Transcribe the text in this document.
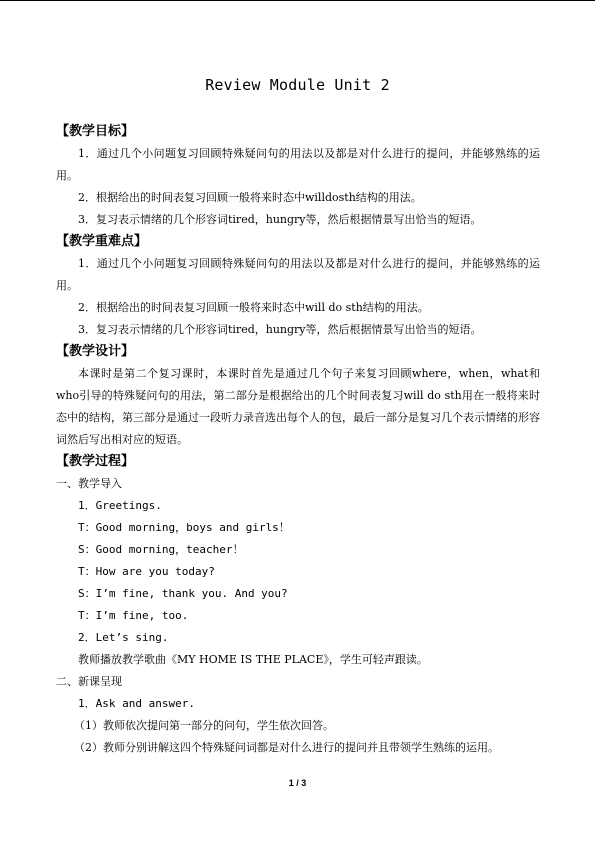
Review Module Unit 2
【教学目标】
1．通过几个小问题复习回顾特殊疑问句的用法以及都是对什么进行的提问，并能够熟练的运用。
2．根据给出的时间表复习回顾一般将来时态中willdosth结构的用法。
3．复习表示情绪的几个形容词tired，hungry等，然后根据情景写出恰当的短语。
【教学重难点】
1．通过几个小问题复习回顾特殊疑问句的用法以及都是对什么进行的提问，并能够熟练的运用。
2．根据给出的时间表复习回顾一般将来时态中will do sth结构的用法。
3．复习表示情绪的几个形容词tired，hungry等，然后根据情景写出恰当的短语。
【教学设计】
本课时是第二个复习课时，本课时首先是通过几个句子来复习回顾where，when，what和who引导的特殊疑问句的用法，第二部分是根据给出的几个时间表复习will do sth用在一般将来时态中的结构，第三部分是通过一段听力录音选出每个人的包，最后一部分是复习几个表示情绪的形容词然后写出相对应的短语。
【教学过程】
一、教学导入
1．Greetings.
T：Good morning，boys and girls！
S：Good morning，teacher！
T：How are you today?
S：I’m fine, thank you. And you?
T：I’m fine, too.
2．Let’s sing.
教师播放教学歌曲《MY HOME IS THE PLACE》，学生可轻声跟读。
二、新课呈现
1．Ask and answer.
（1）教师依次提问第一部分的问句，学生依次回答。
（2）教师分别讲解这四个特殊疑问词都是对什么进行的提问并且带领学生熟练的运用。
1 / 3
